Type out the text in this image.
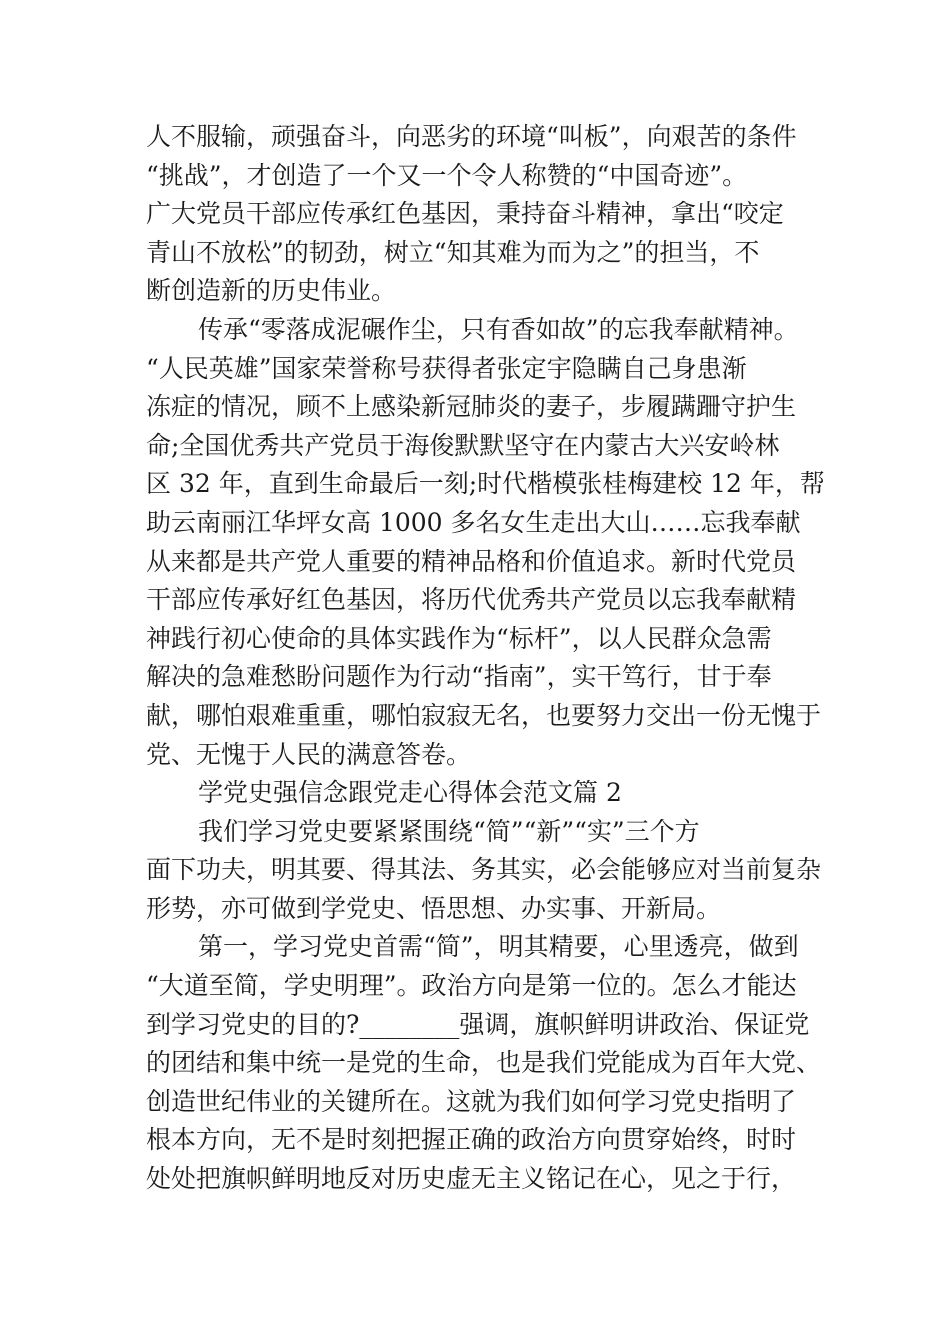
人不服输，顽强奋斗，向恶劣的环境“叫板”，向艰苦的条件
“挑战”，才创造了一个又一个令人称赞的“中国奇迹”。
广大党员干部应传承红色基因，秉持奋斗精神，拿出“咬定
青山不放松”的韧劲，树立“知其难为而为之”的担当，不
断创造新的历史伟业。
传承“零落成泥碾作尘，只有香如故”的忘我奉献精神。
“人民英雄”国家荣誉称号获得者张定宇隐瞒自己身患渐
冻症的情况，顾不上感染新冠肺炎的妻子，步履蹒跚守护生
命;全国优秀共产党员于海俊默默坚守在内蒙古大兴安岭林
区 32 年，直到生命最后一刻;时代楷模张桂梅建校 12 年，帮
助云南丽江华坪女高 1000 多名女生走出大山……忘我奉献
从来都是共产党人重要的精神品格和价值追求。新时代党员
干部应传承好红色基因，将历代优秀共产党员以忘我奉献精
神践行初心使命的具体实践作为“标杆”，以人民群众急需
解决的急难愁盼问题作为行动“指南”，实干笃行，甘于奉
献，哪怕艰难重重，哪怕寂寂无名，也要努力交出一份无愧于
党、无愧于人民的满意答卷。
学党史强信念跟党走心得体会范文篇 2
我们学习党史要紧紧围绕“简”“新”“实”三个方
面下功夫，明其要、得其法、务其实，必会能够应对当前复杂
形势，亦可做到学党史、悟思想、办实事、开新局。
第一，学习党史首需“简”，明其精要，心里透亮，做到
“大道至简，学史明理”。政治方向是第一位的。怎么才能达
到学习党史的目的?________强调，旗帜鲜明讲政治、保证党
的团结和集中统一是党的生命，也是我们党能成为百年大党、
创造世纪伟业的关键所在。这就为我们如何学习党史指明了
根本方向，无不是时刻把握正确的政治方向贯穿始终，时时
处处把旗帜鲜明地反对历史虚无主义铭记在心，见之于行，
